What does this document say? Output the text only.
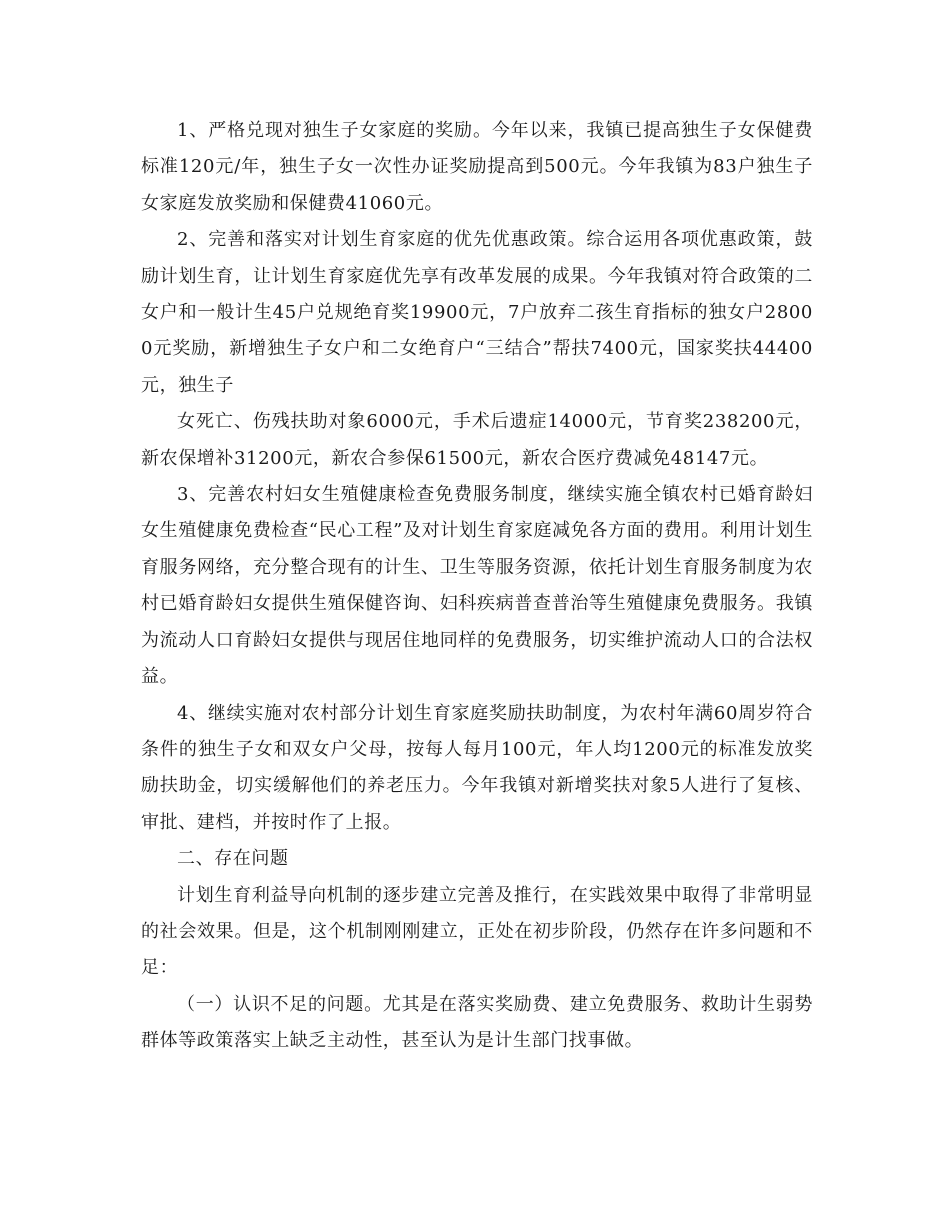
1、严格兑现对独生子女家庭的奖励。今年以来，我镇已提高独生子女保健费标准120元/年，独生子女一次性办证奖励提高到500元。今年我镇为83户独生子女家庭发放奖励和保健费41060元。

2、完善和落实对计划生育家庭的优先优惠政策。综合运用各项优惠政策，鼓励计划生育，让计划生育家庭优先享有改革发展的成果。今年我镇对符合政策的二女户和一般计生45户兑规绝育奖19900元，7户放弃二孩生育指标的独女户28000元奖励，新增独生子女户和二女绝育户“三结合”帮扶7400元，国家奖扶44400元，独生子

女死亡、伤残扶助对象6000元，手术后遗症14000元，节育奖238200元，新农保增补31200元，新农合参保61500元，新农合医疗费减免48147元。

3、完善农村妇女生殖健康检查免费服务制度，继续实施全镇农村已婚育龄妇女生殖健康免费检查“民心工程”及对计划生育家庭减免各方面的费用。利用计划生育服务网络，充分整合现有的计生、卫生等服务资源，依托计划生育服务制度为农村已婚育龄妇女提供生殖保健咨询、妇科疾病普查普治等生殖健康免费服务。我镇为流动人口育龄妇女提供与现居住地同样的免费服务，切实维护流动人口的合法权益。

4、继续实施对农村部分计划生育家庭奖励扶助制度，为农村年满60周岁符合条件的独生子女和双女户父母，按每人每月100元，年人均1200元的标准发放奖励扶助金，切实缓解他们的养老压力。今年我镇对新增奖扶对象5人进行了复核、审批、建档，并按时作了上报。

二、存在问题

计划生育利益导向机制的逐步建立完善及推行，在实践效果中取得了非常明显的社会效果。但是，这个机制刚刚建立，正处在初步阶段，仍然存在许多问题和不足：

（一）认识不足的问题。尤其是在落实奖励费、建立免费服务、救助计生弱势群体等政策落实上缺乏主动性，甚至认为是计生部门找事做。
